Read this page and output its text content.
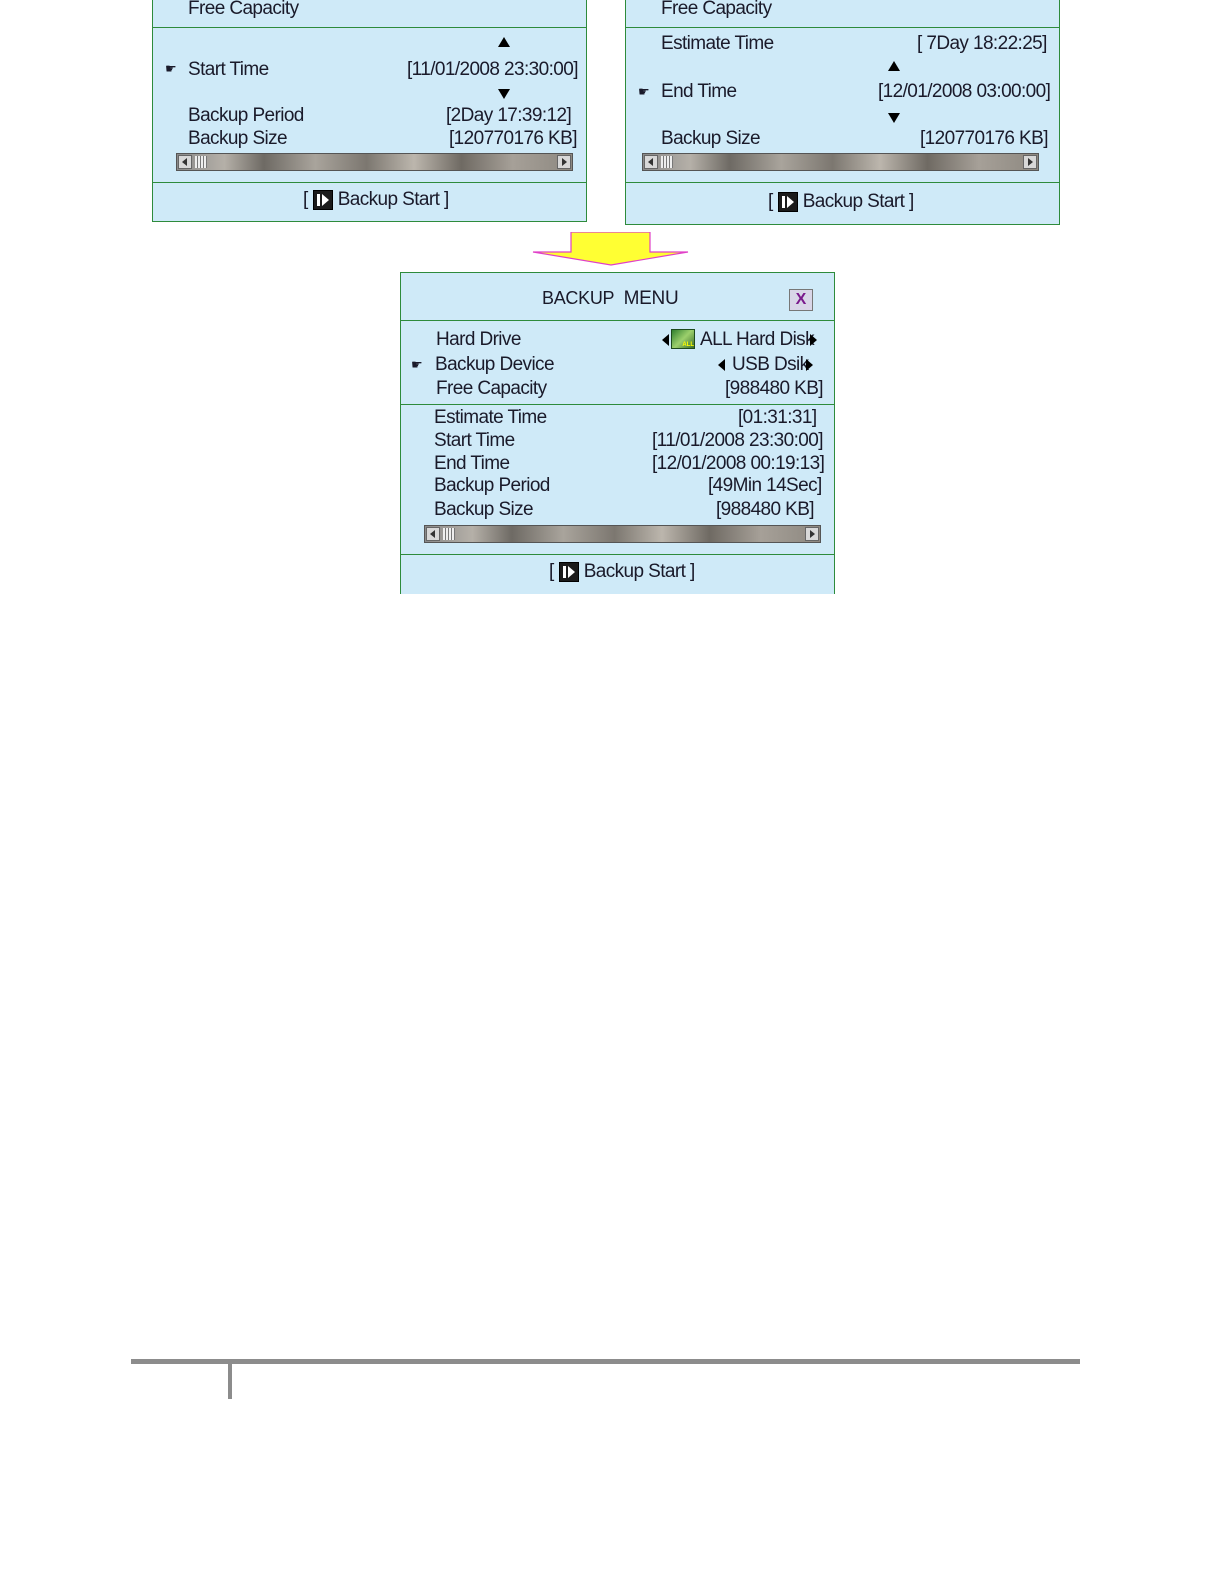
Free Capacity
☛ Start Time	[11/01/2008 23:30:00]
Backup Period	[2Day 17:39:12]
Backup Size	[120770176 KB]
[ Backup Start ]
Free Capacity
Estimate Time	[ 7Day 18:22:25]
☛ End Time	[12/01/2008 03:00:00]
Backup Size	[120770176 KB]
[ Backup Start ]
BACKUP MENU	X
Hard Drive	ALL ALL Hard Disk
☛ Backup Device	USB Dsik
Free Capacity	[988480 KB]
Estimate Time	[01:31:31]
Start Time	[11/01/2008 23:30:00]
End Time	[12/01/2008 00:19:13]
Backup Period	[49Min 14Sec]
Backup Size	[988480 KB]
[ Backup Start ]
